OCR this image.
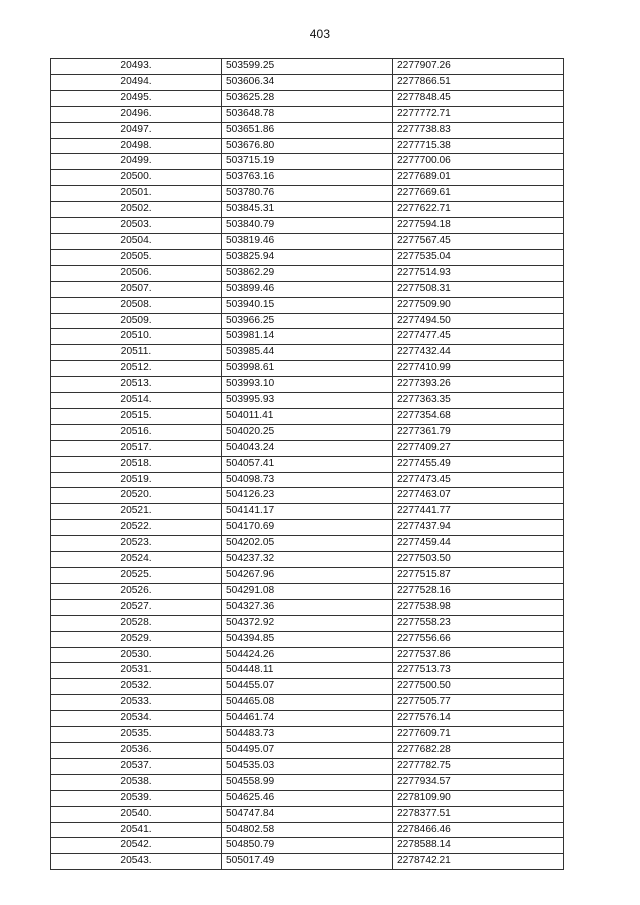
403
20493.	503599.25	2277907.26
20494.	503606.34	2277866.51
20495.	503625.28	2277848.45
20496.	503648.78	2277772.71
20497.	503651.86	2277738.83
20498.	503676.80	2277715.38
20499.	503715.19	2277700.06
20500.	503763.16	2277689.01
20501.	503780.76	2277669.61
20502.	503845.31	2277622.71
20503.	503840.79	2277594.18
20504.	503819.46	2277567.45
20505.	503825.94	2277535.04
20506.	503862.29	2277514.93
20507.	503899.46	2277508.31
20508.	503940.15	2277509.90
20509.	503966.25	2277494.50
20510.	503981.14	2277477.45
20511.	503985.44	2277432.44
20512.	503998.61	2277410.99
20513.	503993.10	2277393.26
20514.	503995.93	2277363.35
20515.	504011.41	2277354.68
20516.	504020.25	2277361.79
20517.	504043.24	2277409.27
20518.	504057.41	2277455.49
20519.	504098.73	2277473.45
20520.	504126.23	2277463.07
20521.	504141.17	2277441.77
20522.	504170.69	2277437.94
20523.	504202.05	2277459.44
20524.	504237.32	2277503.50
20525.	504267.96	2277515.87
20526.	504291.08	2277528.16
20527.	504327.36	2277538.98
20528.	504372.92	2277558.23
20529.	504394.85	2277556.66
20530.	504424.26	2277537.86
20531.	504448.11	2277513.73
20532.	504455.07	2277500.50
20533.	504465.08	2277505.77
20534.	504461.74	2277576.14
20535.	504483.73	2277609.71
20536.	504495.07	2277682.28
20537.	504535.03	2277782.75
20538.	504558.99	2277934.57
20539.	504625.46	2278109.90
20540.	504747.84	2278377.51
20541.	504802.58	2278466.46
20542.	504850.79	2278588.14
20543.	505017.49	2278742.21
